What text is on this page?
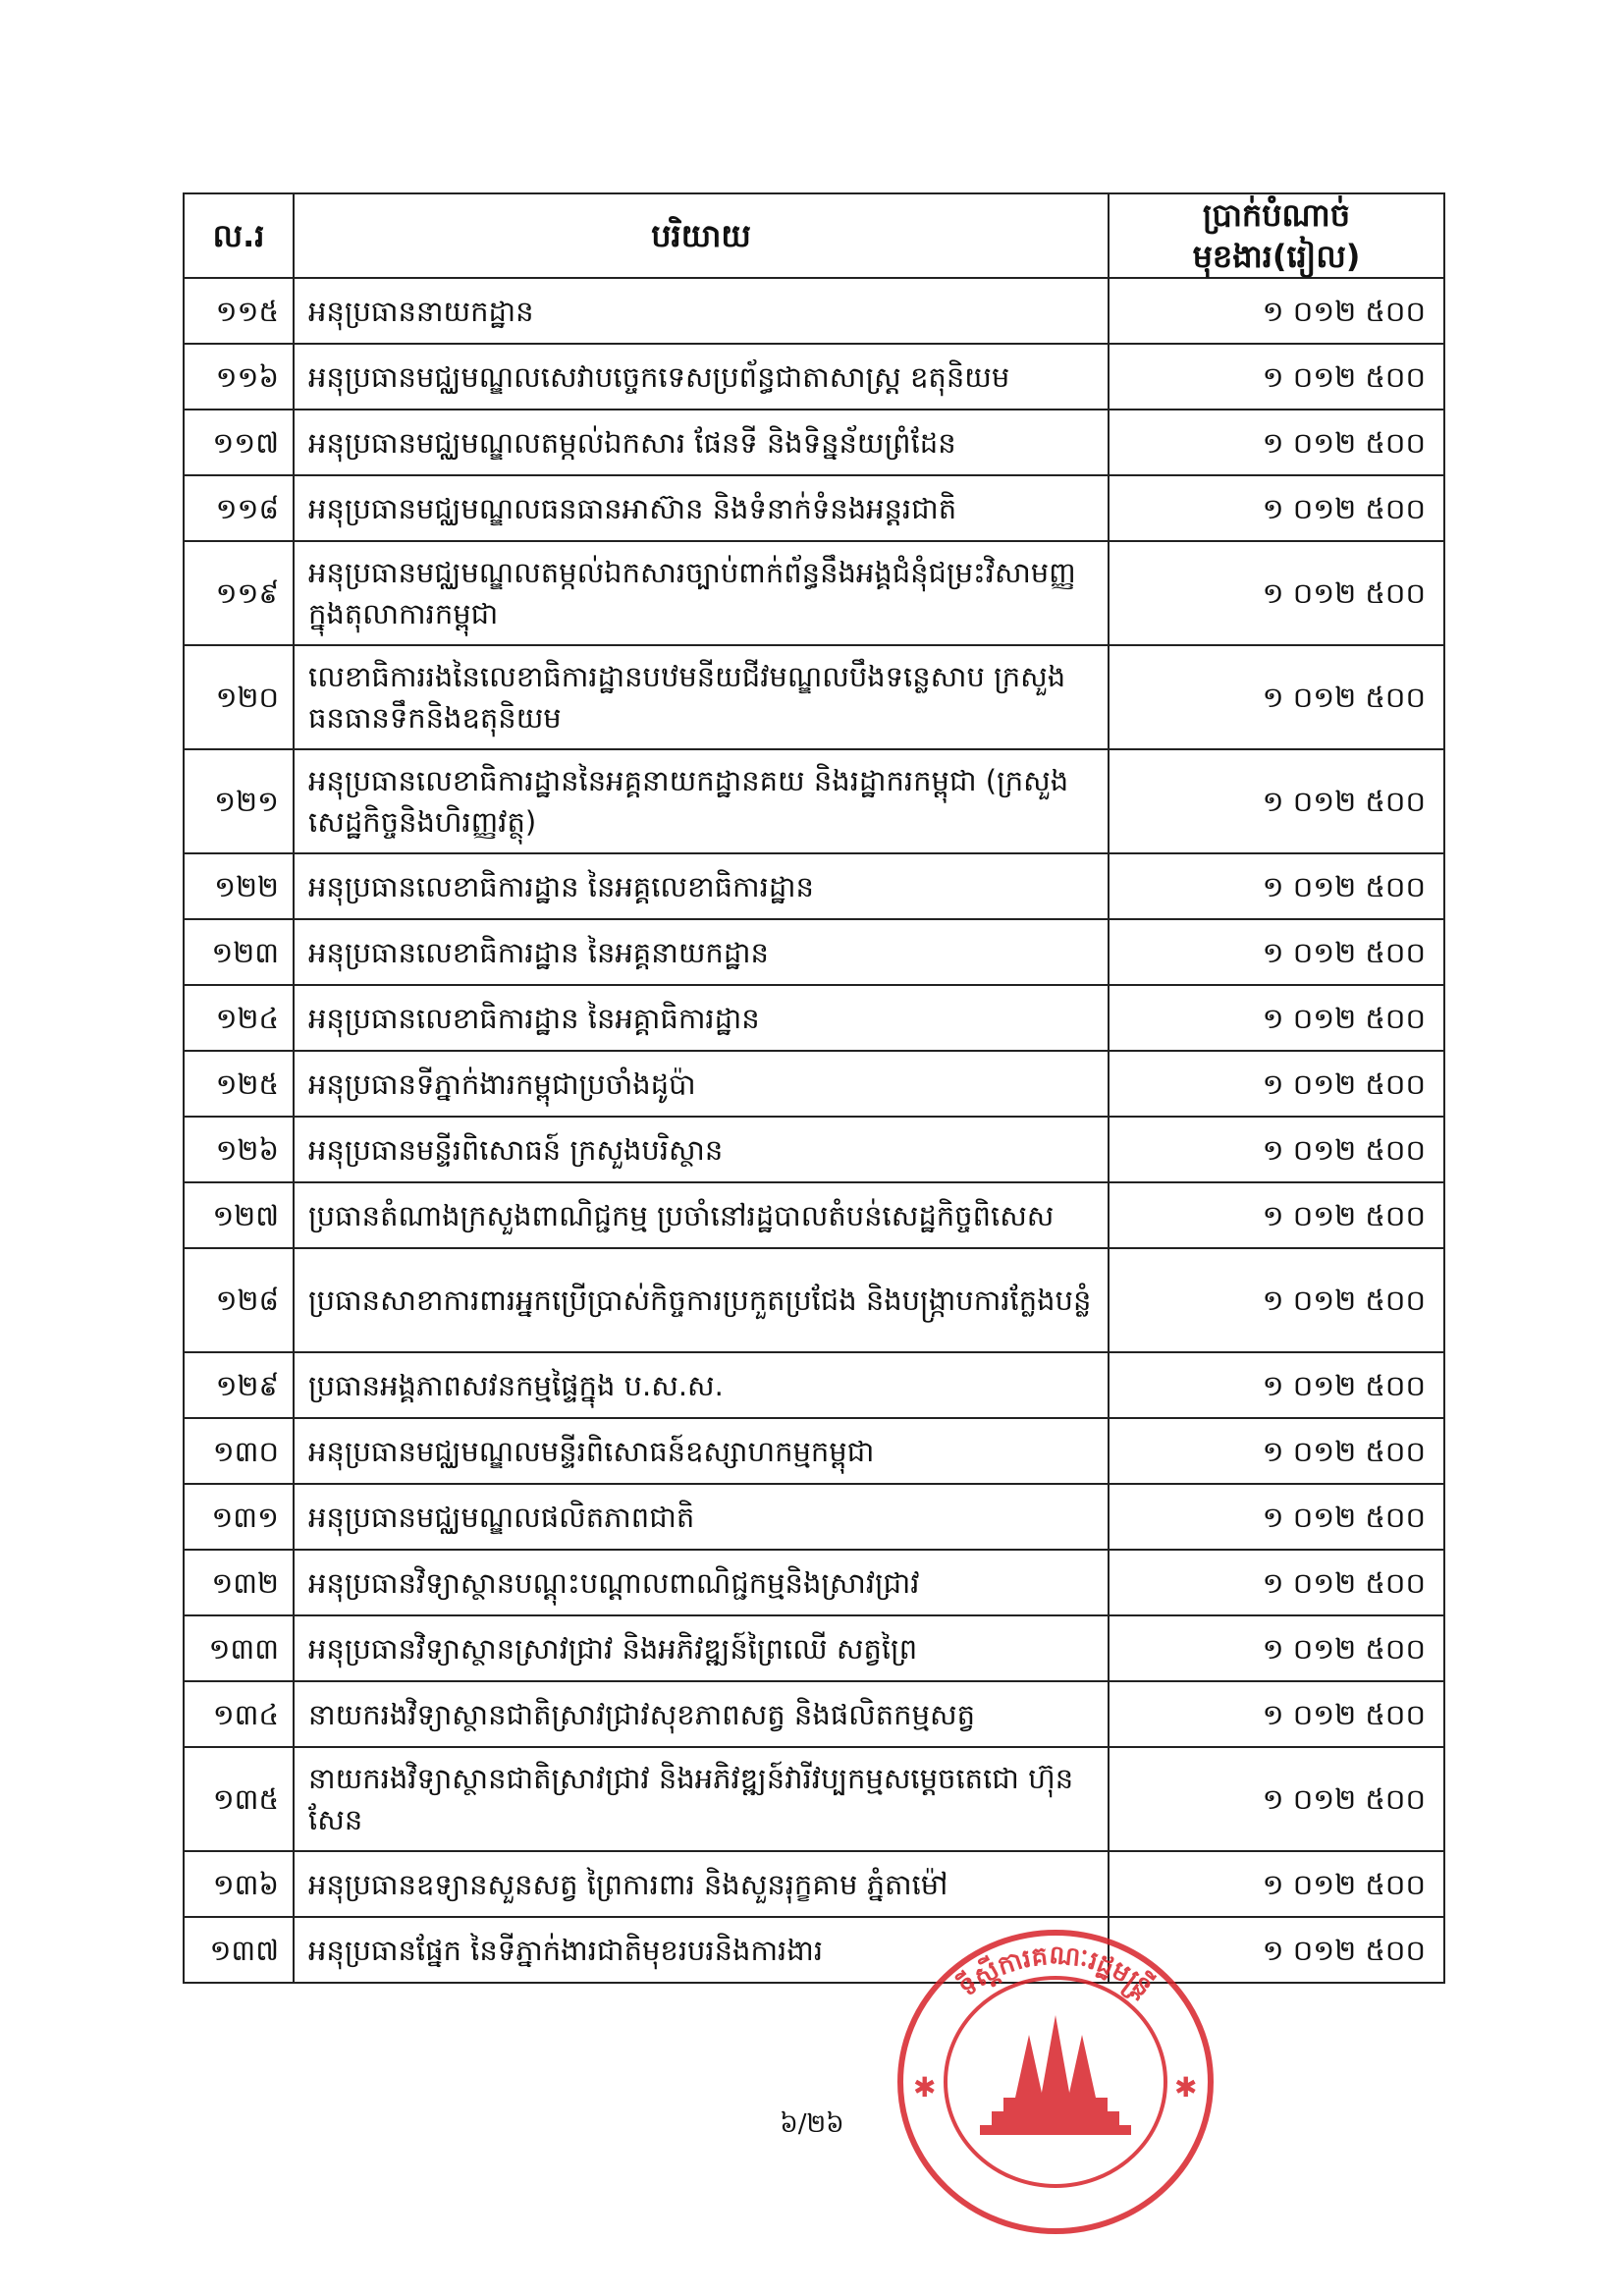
ល.រ	បរិយាយ	ប្រាក់បំណាច់មុខងារ(រៀល)
១១៥	អនុប្រធាននាយកដ្ឋាន	១ ០១២ ៥០០
១១៦	អនុប្រធានមជ្ឈមណ្ឌលសេវាបច្ចេកទេសប្រព័ន្ធជាតាសាស្ត្រ ឧតុនិយម	១ ០១២ ៥០០
១១៧	អនុប្រធានមជ្ឈមណ្ឌលតម្កល់ឯកសារ ផែនទី និងទិន្នន័យព្រំដែន	១ ០១២ ៥០០
១១៨	អនុប្រធានមជ្ឈមណ្ឌលធនធានអាស៊ាន និងទំនាក់ទំនងអន្តរជាតិ	១ ០១២ ៥០០
១១៩	អនុប្រធានមជ្ឈមណ្ឌលតម្កល់ឯកសារច្បាប់ពាក់ព័ន្ធនឹងអង្គជំនុំជម្រះវិសាមញ្ញក្នុងតុលាការកម្ពុជា	១ ០១២ ៥០០
១២០	លេខាធិការរងនៃលេខាធិការដ្ឋានបឋមនីយជីវមណ្ឌលបឹងទន្លេសាប ក្រសួងធនធានទឹកនិងឧតុនិយម	១ ០១២ ៥០០
១២១	អនុប្រធានលេខាធិការដ្ឋាននៃអគ្គនាយកដ្ឋានគយ និងរដ្ឋាករកម្ពុជា (ក្រសួងសេដ្ឋកិច្ចនិងហិរញ្ញវត្ថុ)	១ ០១២ ៥០០
១២២	អនុប្រធានលេខាធិការដ្ឋាន នៃអគ្គលេខាធិការដ្ឋាន	១ ០១២ ៥០០
១២៣	អនុប្រធានលេខាធិការដ្ឋាន នៃអគ្គនាយកដ្ឋាន	១ ០១២ ៥០០
១២៤	អនុប្រធានលេខាធិការដ្ឋាន នៃអគ្គាធិការដ្ឋាន	១ ០១២ ៥០០
១២៥	អនុប្រធានទីភ្នាក់ងារកម្ពុជាប្រចាំងដូប៉ា	១ ០១២ ៥០០
១២៦	អនុប្រធានមន្ទីរពិសោធន៍ ក្រសួងបរិស្ថាន	១ ០១២ ៥០០
១២៧	ប្រធានតំណាងក្រសួងពាណិជ្ជកម្ម ប្រចាំនៅរដ្ឋបាលតំបន់សេដ្ឋកិច្ចពិសេស	១ ០១២ ៥០០
១២៨	ប្រធានសាខាការពារអ្នកប្រើប្រាស់កិច្ចការប្រកួតប្រជែង និងបង្ក្រាបការក្លែងបន្លំ	១ ០១២ ៥០០
១២៩	ប្រធានអង្គភាពសវនកម្មផ្ទៃក្នុង ប.ស.ស.	១ ០១២ ៥០០
១៣០	អនុប្រធានមជ្ឈមណ្ឌលមន្ទីរពិសោធន៍ឧស្សាហកម្មកម្ពុជា	១ ០១២ ៥០០
១៣១	អនុប្រធានមជ្ឈមណ្ឌលផលិតភាពជាតិ	១ ០១២ ៥០០
១៣២	អនុប្រធានវិទ្យាស្ថានបណ្តុះបណ្តាលពាណិជ្ជកម្មនិងស្រាវជ្រាវ	១ ០១២ ៥០០
១៣៣	អនុប្រធានវិទ្យាស្ថានស្រាវជ្រាវ និងអភិវឌ្ឍន៍ព្រៃឈើ សត្វព្រៃ	១ ០១២ ៥០០
១៣៤	នាយករងវិទ្យាស្ថានជាតិស្រាវជ្រាវសុខភាពសត្វ និងផលិតកម្មសត្វ	១ ០១២ ៥០០
១៣៥	នាយករងវិទ្យាស្ថានជាតិស្រាវជ្រាវ និងអភិវឌ្ឍន៍វារីវប្បកម្មសម្តេចតេជោ ហ៊ុន សែន	១ ០១២ ៥០០
១៣៦	អនុប្រធានឧទ្យានសួនសត្វ ព្រៃការពារ និងសួនរុក្ខគាម ភ្នំតាម៉ៅ	១ ០១២ ៥០០
១៣៧	អនុប្រធានផ្នែក នៃទីភ្នាក់ងារជាតិមុខរបរនិងការងារ	១ ០១២ ៥០០
៦/២៦
ទីស្តីការគណៈរដ្ឋមន្ត្រី
✱	✱
